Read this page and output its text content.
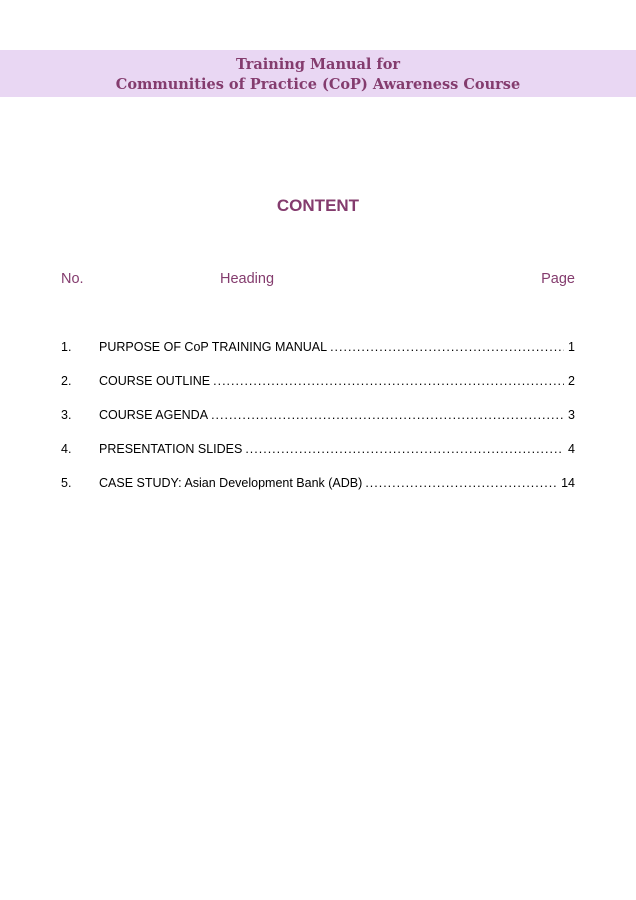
Training Manual for
Communities of Practice (CoP) Awareness Course
CONTENT
No.	Heading	Page
1.	PURPOSE OF CoP TRAINING MANUAL .....	1
2.	COURSE OUTLINE .....	2
3.	COURSE AGENDA .....	3
4.	PRESENTATION SLIDES .....	4
5.	CASE STUDY: Asian Development Bank (ADB) .....	14
